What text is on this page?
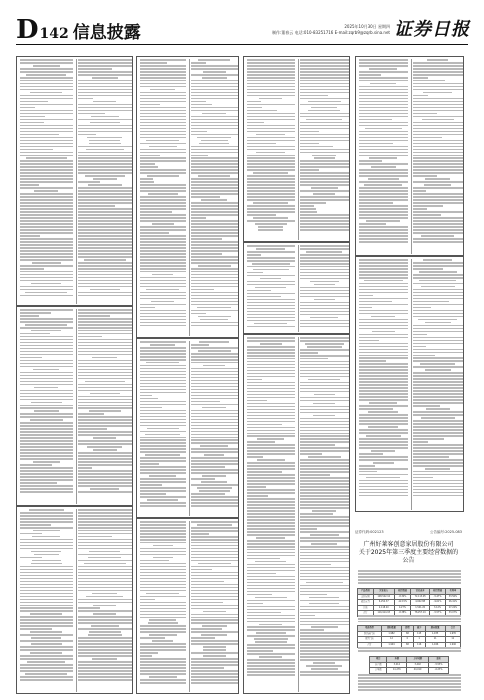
D 142 信息披露	2025年10月30日 星期四
制作:董春云 电话:010-83251716 E-mail:zqrb9@zqrb.sina.net 证券日报
证券代码:002123	公告编号:2025-083
广州好莱客创意家居股份有限公司
关于2025年第三季度主要经营数据的
公告
产品类别	营业收入	同比增减	营业成本	同比增减	毛利率
定制家居	108,542.16	-8.32%	72,113.05	-5.47%	33.56%
成品家具	6,254.37	-12.15%	4,602.88	-9.61%	26.41%
其他	2,118.40	4.27%	1,541.26	3.12%	27.24%
合计	116,914.93	-8.38%	78,257.19	-5.57%	33.07%
渠道类型	期初数量	新增	减少	期末数量	合计
经销商门店	1,982	68	115	1,935	1,935
直营门店	12	0	1	11	11
合计	1,994	68	116	1,946	1,946
项目	本期	上年同期	变动
客户数	3,214	3,402	-5.53%
订单数	41,276	44,019	-6.23%
